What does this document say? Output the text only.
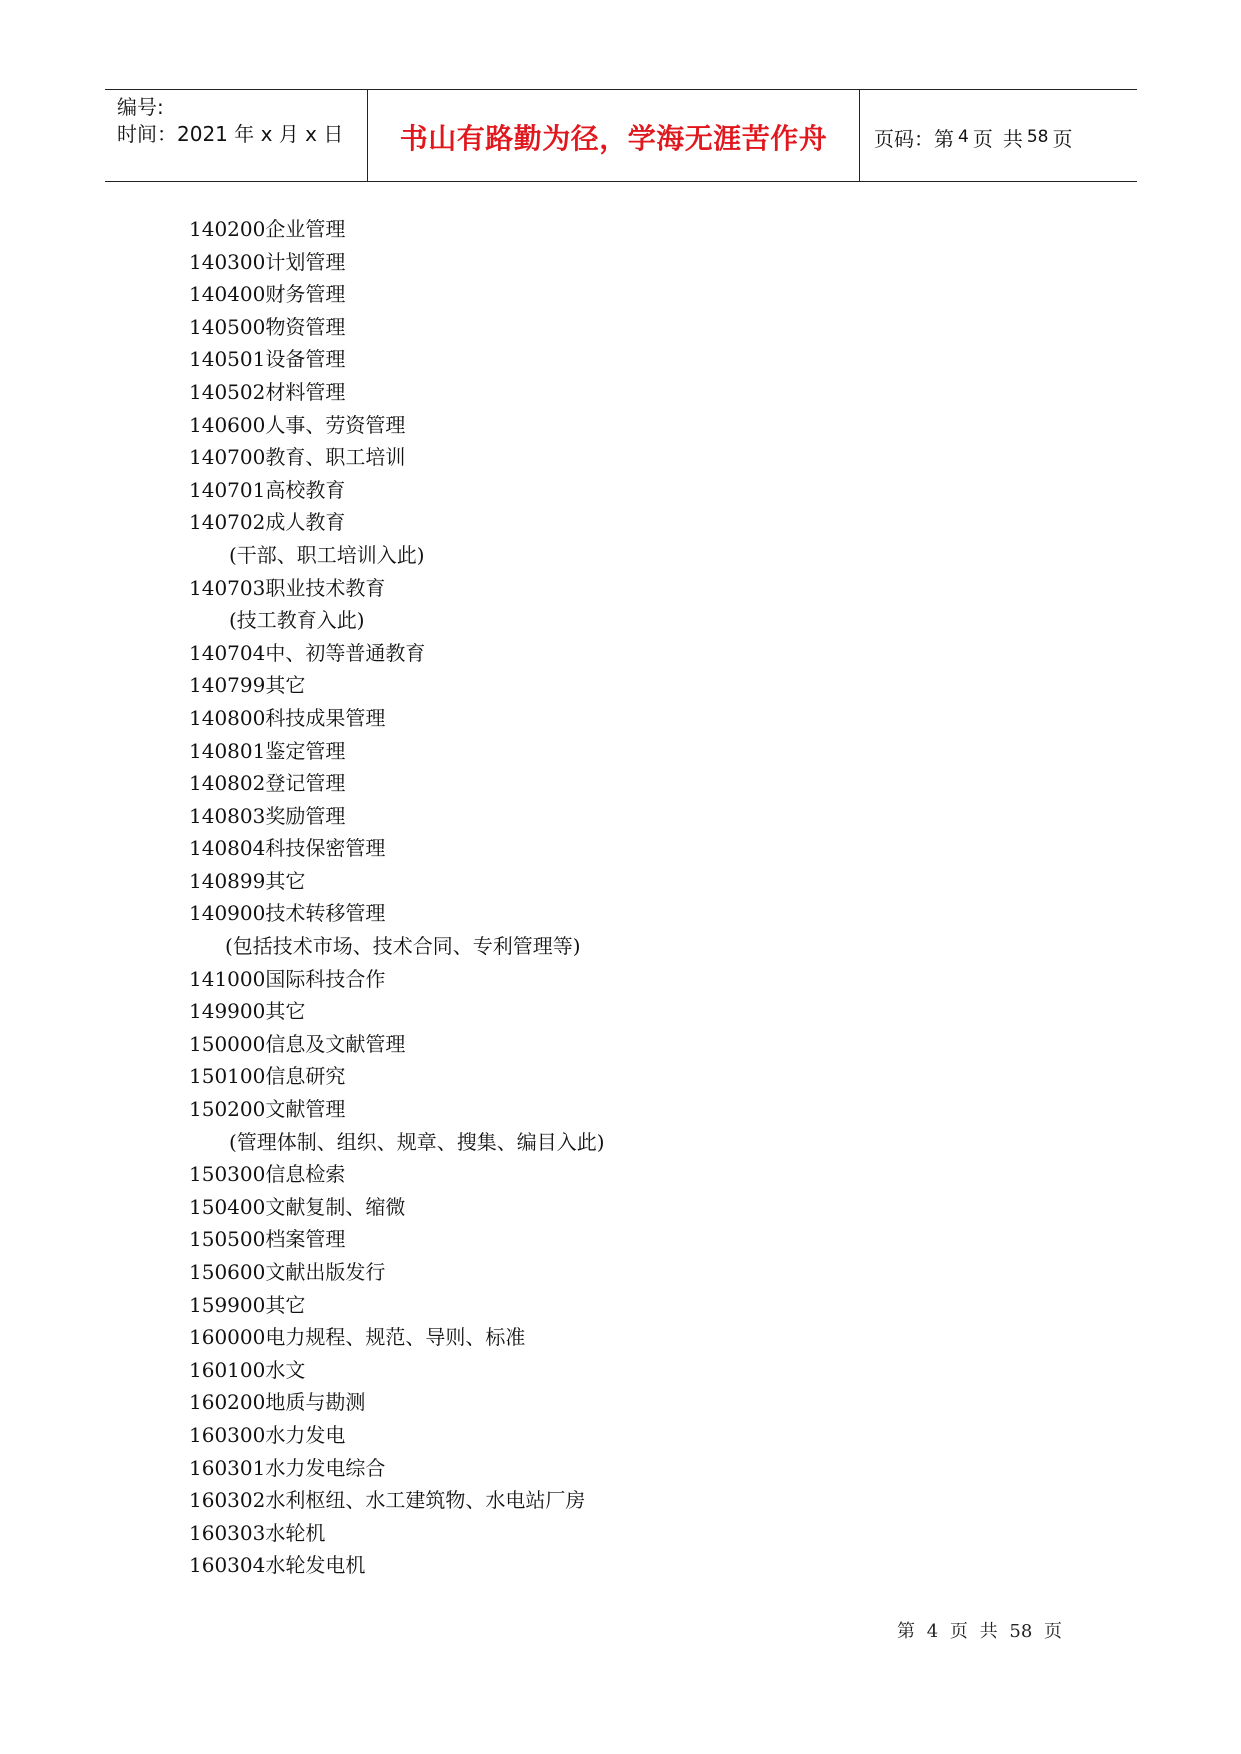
编号:
时间：2021 年 x 月 x 日	书山有路勤为径，学海无涯苦作舟 页码：第 4 页 共 58 页
140200企业管理
140300计划管理
140400财务管理
140500物资管理
140501设备管理
140502材料管理
140600人事、劳资管理
140700教育、职工培训
140701高校教育
140702成人教育
(干部、职工培训入此)
140703职业技术教育
(技工教育入此)
140704中、初等普通教育
140799其它
140800科技成果管理
140801鉴定管理
140802登记管理
140803奖励管理
140804科技保密管理
140899其它
140900技术转移管理
(包括技术市场、技术合同、专利管理等)
141000国际科技合作
149900其它
150000信息及文献管理
150100信息研究
150200文献管理
(管理体制、组织、规章、搜集、编目入此)
150300信息检索
150400文献复制、缩微
150500档案管理
150600文献出版发行
159900其它
160000电力规程、规范、导则、标准
160100水文
160200地质与勘测
160300水力发电
160301水力发电综合
160302水利枢纽、水工建筑物、水电站厂房
160303水轮机
160304水轮发电机
第 4 页 共 58 页
